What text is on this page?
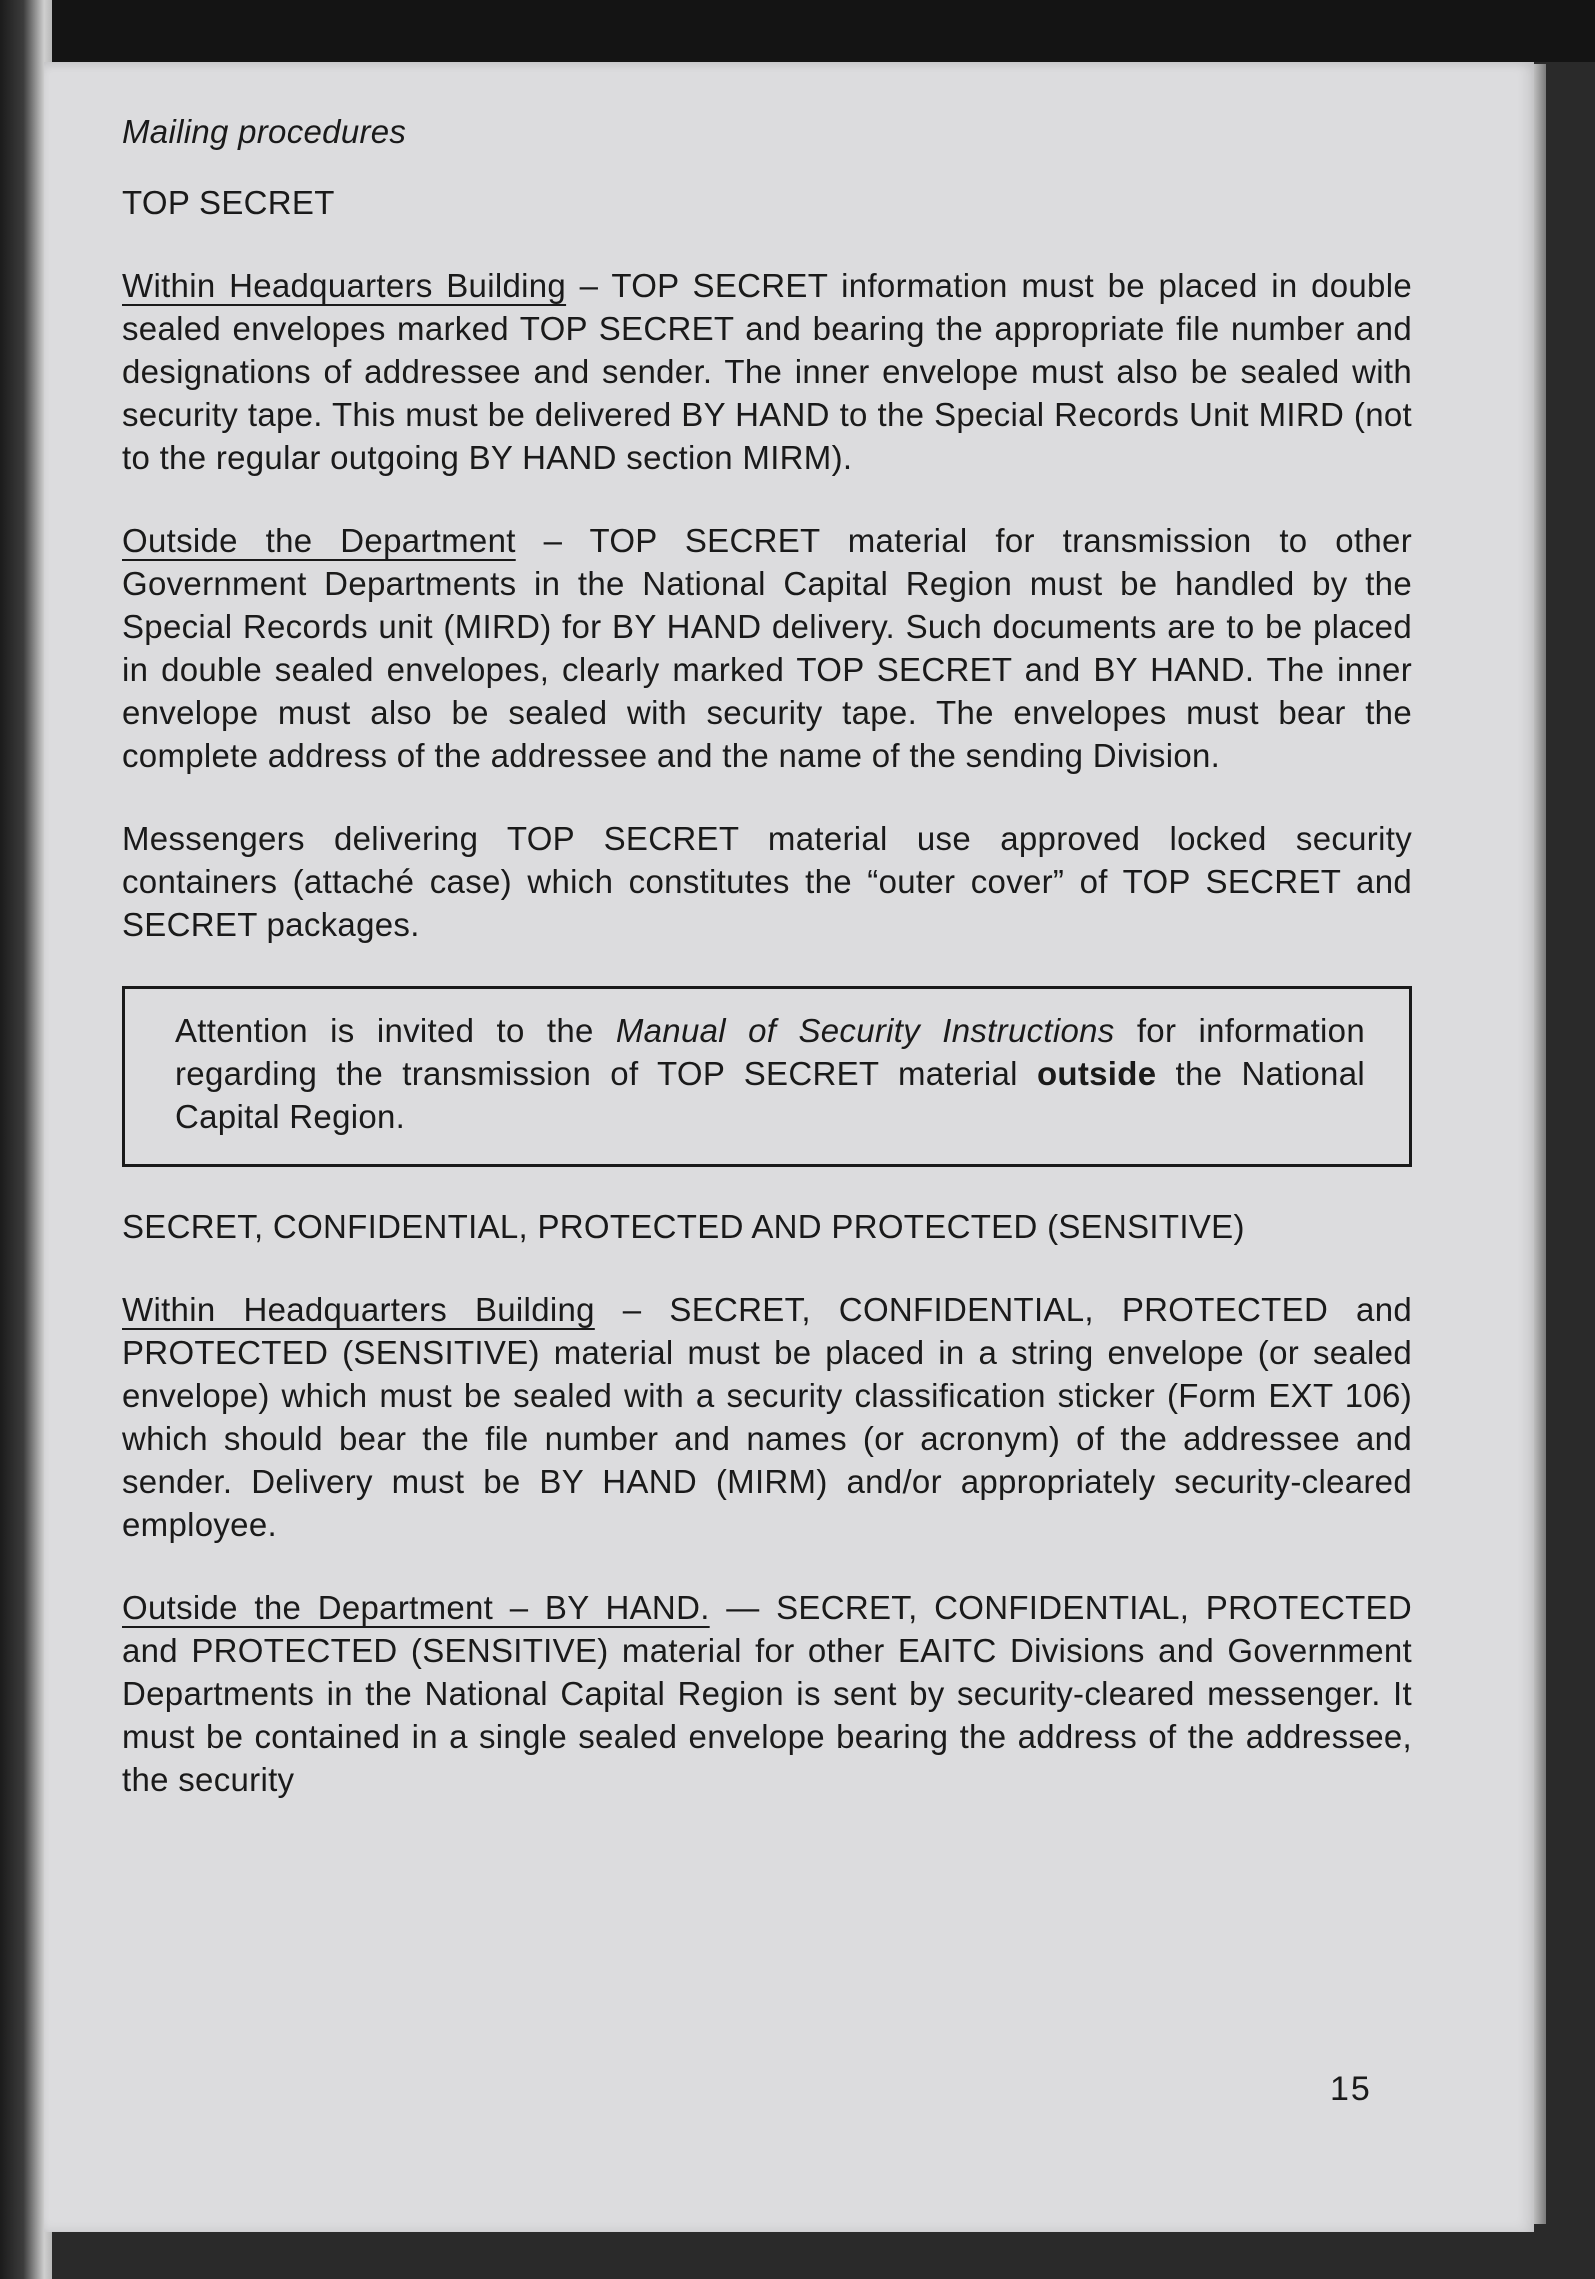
Mailing procedures

TOP SECRET

Within Headquarters Building – TOP SECRET information must be placed in double sealed envelopes marked TOP SECRET and bearing the appropriate file number and designations of addressee and sender. The inner envelope must also be sealed with security tape. This must be delivered BY HAND to the Special Records Unit MIRD (not to the regular outgoing BY HAND section MIRM).

Outside the Department – TOP SECRET material for transmission to other Government Departments in the National Capital Region must be handled by the Special Records unit (MIRD) for BY HAND delivery. Such documents are to be placed in double sealed envelopes, clearly marked TOP SECRET and BY HAND. The inner envelope must also be sealed with security tape. The envelopes must bear the complete address of the addressee and the name of the sending Division.

Messengers delivering TOP SECRET material use approved locked security containers (attaché case) which constitutes the “outer cover” of TOP SECRET and SECRET packages.

Attention is invited to the Manual of Security Instructions for information regarding the transmission of TOP SECRET material outside the National Capital Region.

SECRET, CONFIDENTIAL, PROTECTED AND PROTECTED (SENSITIVE)

Within Headquarters Building – SECRET, CONFIDENTIAL, PROTECTED and PROTECTED (SENSITIVE) material must be placed in a string envelope (or sealed envelope) which must be sealed with a security classification sticker (Form EXT 106) which should bear the file number and names (or acronym) of the addressee and sender. Delivery must be BY HAND (MIRM) and/or appropriately security-cleared employee.

Outside the Department – BY HAND. — SECRET, CONFIDENTIAL, PROTECTED and PROTECTED (SENSITIVE) material for other EAITC Divisions and Government Departments in the National Capital Region is sent by security-cleared messenger. It must be contained in a single sealed envelope bearing the address of the addressee, the security

15
